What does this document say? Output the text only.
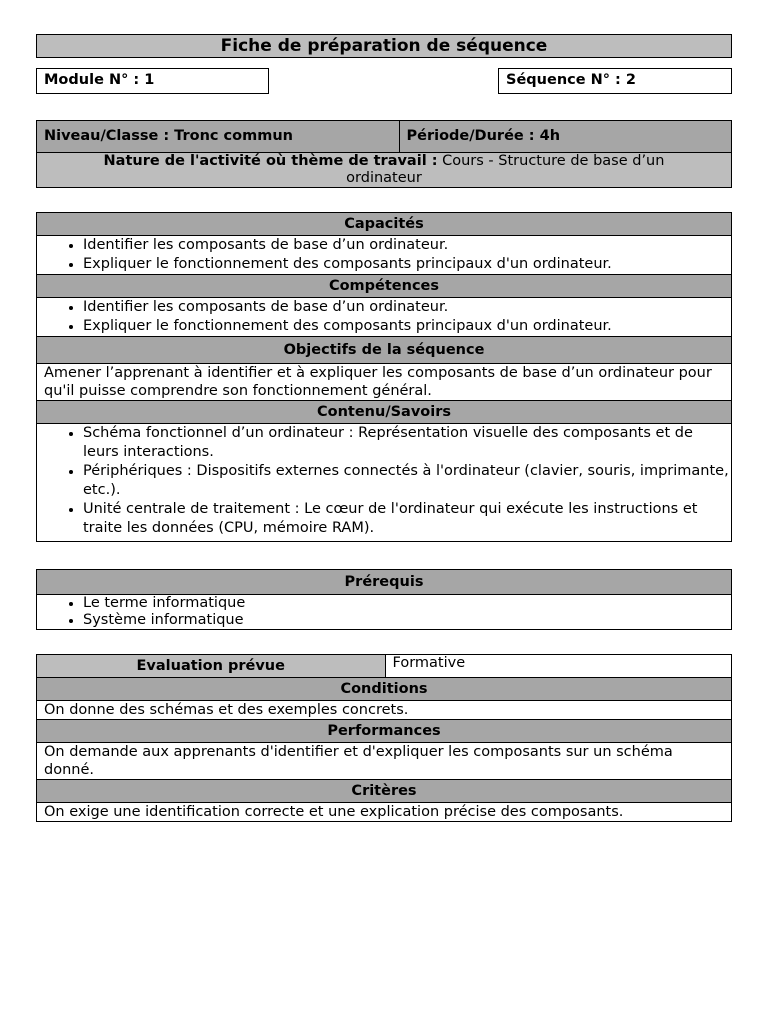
Fiche de préparation de séquence
Module N° : 1	Séquence N° : 2
Niveau/Classe : Tronc commun	Période/Durée : 4h
Nature de l'activité où thème de travail : Cours - Structure de base d’un ordinateur
Capacités

• Identifier les composants de base d’un ordinateur.
• Expliquer le fonctionnement des composants principaux d'un ordinateur.

Compétences

• Identifier les composants de base d’un ordinateur.
• Expliquer le fonctionnement des composants principaux d'un ordinateur.

Objectifs de la séquence
Amener l’apprenant à identifier et à expliquer les composants de base d’un ordinateur pour qu'il puisse comprendre son fonctionnement général.
Contenu/Savoirs

• Schéma fonctionnel d’un ordinateur : Représentation visuelle des composants et de leurs interactions.
• Périphériques : Dispositifs externes connectés à l'ordinateur (clavier, souris, imprimante, etc.).
• Unité centrale de traitement : Le cœur de l'ordinateur qui exécute les instructions et traite les données (CPU, mémoire RAM).
Prérequis

• Le terme informatique
• Système informatique
Evaluation prévue	Formative
Conditions
On donne des schémas et des exemples concrets.
Performances
On demande aux apprenants d'identifier et d'expliquer les composants sur un schéma donné.
Critères
On exige une identification correcte et une explication précise des composants.
